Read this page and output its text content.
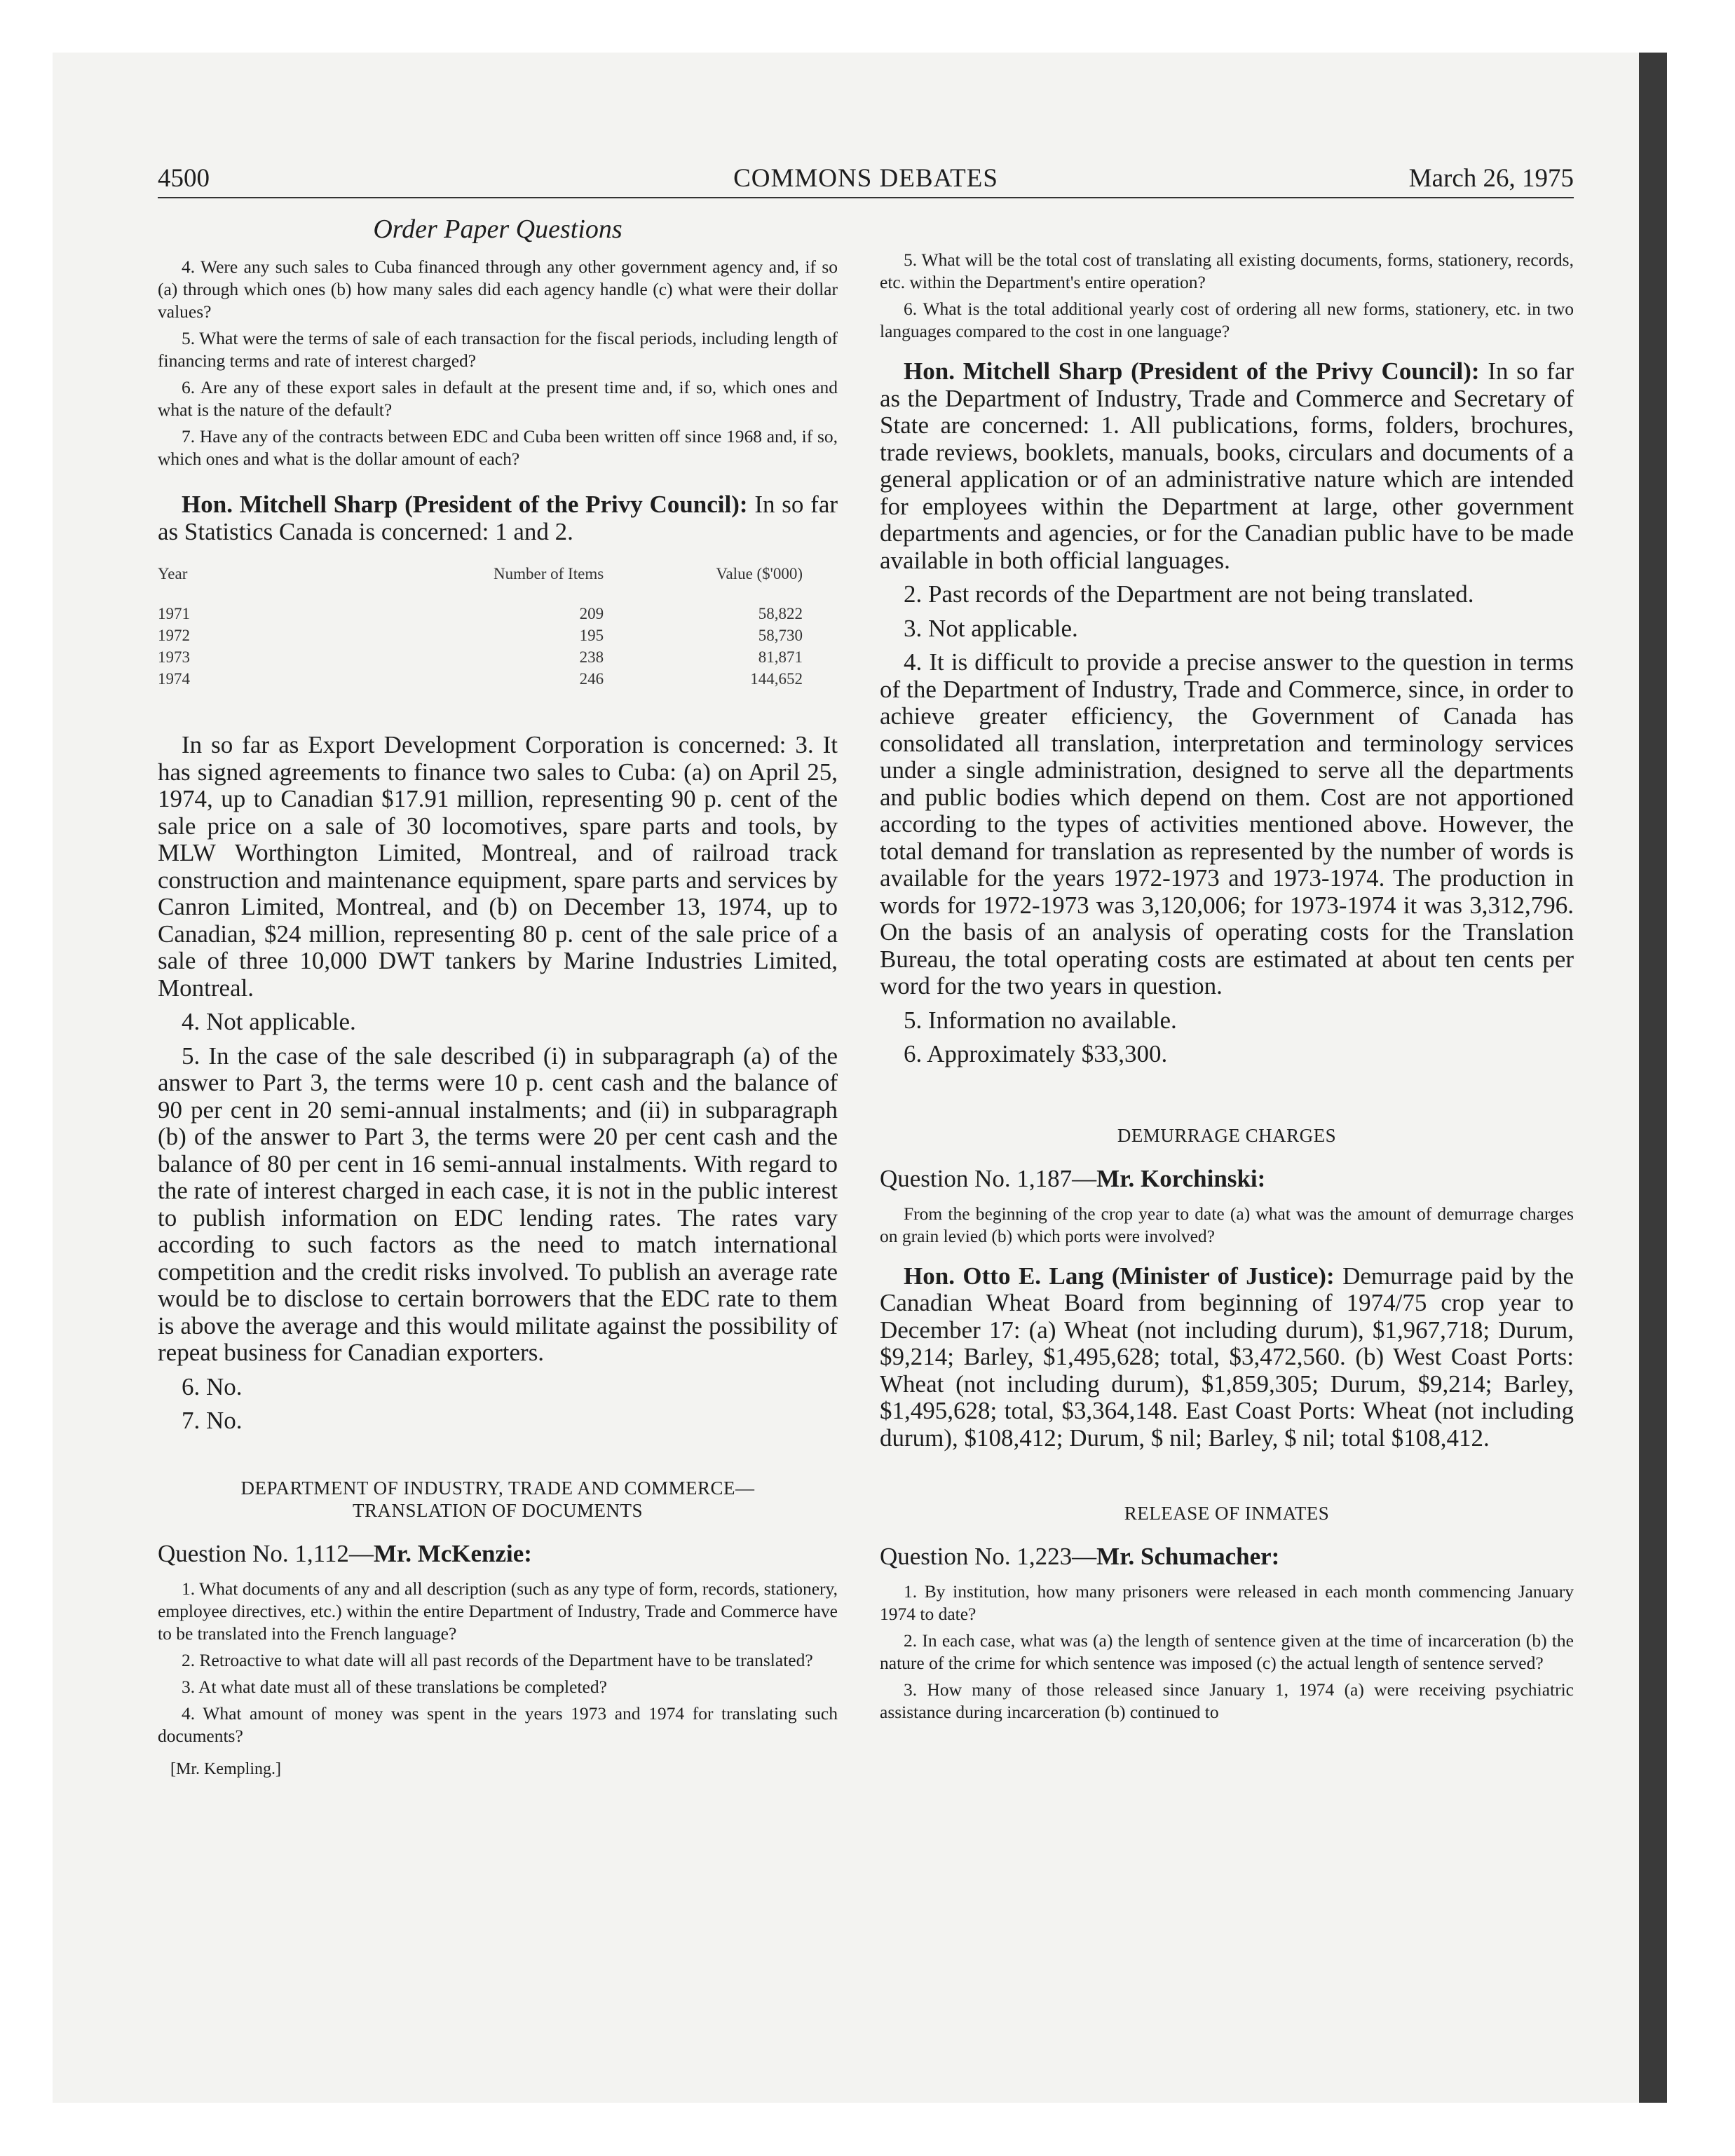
4500	COMMONS DEBATES	March 26, 1975
Order Paper Questions

4. Were any such sales to Cuba financed through any other government agency and, if so (a) through which ones (b) how many sales did each agency handle (c) what were their dollar values?

5. What were the terms of sale of each transaction for the fiscal periods, including length of financing terms and rate of interest charged?

6. Are any of these export sales in default at the present time and, if so, which ones and what is the nature of the default?

7. Have any of the contracts between EDC and Cuba been written off since 1968 and, if so, which ones and what is the dollar amount of each?

Hon. Mitchell Sharp (President of the Privy Council): In so far as Statistics Canada is concerned: 1 and 2.

Year	Number of Items	Value ($'000)
1971	209	58,822
1972	195	58,730
1973	238	81,871
1974	246	144,652

In so far as Export Development Corporation is concerned: 3. It has signed agreements to finance two sales to Cuba: (a) on April 25, 1974, up to Canadian $17.91 million, representing 90 p. cent of the sale price on a sale of 30 locomotives, spare parts and tools, by MLW Worthington Limited, Montreal, and of railroad track construction and maintenance equipment, spare parts and services by Canron Limited, Montreal, and (b) on December 13, 1974, up to Canadian, $24 million, representing 80 p. cent of the sale price of a sale of three 10,000 DWT tankers by Marine Industries Limited, Montreal.

4. Not applicable.

5. In the case of the sale described (i) in subparagraph (a) of the answer to Part 3, the terms were 10 p. cent cash and the balance of 90 per cent in 20 semi-annual instalments; and (ii) in subparagraph (b) of the answer to Part 3, the terms were 20 per cent cash and the balance of 80 per cent in 16 semi-annual instalments. With regard to the rate of interest charged in each case, it is not in the public interest to publish information on EDC lending rates. The rates vary according to such factors as the need to match international competition and the credit risks involved. To publish an average rate would be to disclose to certain borrowers that the EDC rate to them is above the average and this would militate against the possibility of repeat business for Canadian exporters.

6. No.

7. No.

DEPARTMENT OF INDUSTRY, TRADE AND COMMERCE— TRANSLATION OF DOCUMENTS

Question No. 1,112—Mr. McKenzie:

1. What documents of any and all description (such as any type of form, records, stationery, employee directives, etc.) within the entire Department of Industry, Trade and Commerce have to be translated into the French language?

2. Retroactive to what date will all past records of the Department have to be translated?

3. At what date must all of these translations be completed?

4. What amount of money was spent in the years 1973 and 1974 for translating such documents?

[Mr. Kempling.]

5. What will be the total cost of translating all existing documents, forms, stationery, records, etc. within the Department's entire operation?

6. What is the total additional yearly cost of ordering all new forms, stationery, etc. in two languages compared to the cost in one language?

Hon. Mitchell Sharp (President of the Privy Council): In so far as the Department of Industry, Trade and Commerce and Secretary of State are concerned: 1. All publications, forms, folders, brochures, trade reviews, booklets, manuals, books, circulars and documents of a general application or of an administrative nature which are intended for employees within the Department at large, other government departments and agencies, or for the Canadian public have to be made available in both official languages.

2. Past records of the Department are not being translated.

3. Not applicable.

4. It is difficult to provide a precise answer to the question in terms of the Department of Industry, Trade and Commerce, since, in order to achieve greater efficiency, the Government of Canada has consolidated all translation, interpretation and terminology services under a single administration, designed to serve all the departments and public bodies which depend on them. Cost are not apportioned according to the types of activities mentioned above. However, the total demand for translation as represented by the number of words is available for the years 1972-1973 and 1973-1974. The production in words for 1972-1973 was 3,120,006; for 1973-1974 it was 3,312,796. On the basis of an analysis of operating costs for the Translation Bureau, the total operating costs are estimated at about ten cents per word for the two years in question.

5. Information no available.

6. Approximately $33,300.

DEMURRAGE CHARGES

Question No. 1,187—Mr. Korchinski:

From the beginning of the crop year to date (a) what was the amount of demurrage charges on grain levied (b) which ports were involved?

Hon. Otto E. Lang (Minister of Justice): Demurrage paid by the Canadian Wheat Board from beginning of 1974/75 crop year to December 17: (a) Wheat (not including durum), $1,967,718; Durum, $9,214; Barley, $1,495,628; total, $3,472,560. (b) West Coast Ports: Wheat (not including durum), $1,859,305; Durum, $9,214; Barley, $1,495,628; total, $3,364,148. East Coast Ports: Wheat (not including durum), $108,412; Durum, $ nil; Barley, $ nil; total $108,412.

RELEASE OF INMATES

Question No. 1,223—Mr. Schumacher:

1. By institution, how many prisoners were released in each month commencing January 1974 to date?

2. In each case, what was (a) the length of sentence given at the time of incarceration (b) the nature of the crime for which sentence was imposed (c) the actual length of sentence served?

3. How many of those released since January 1, 1974 (a) were receiving psychiatric assistance during incarceration (b) continued to
